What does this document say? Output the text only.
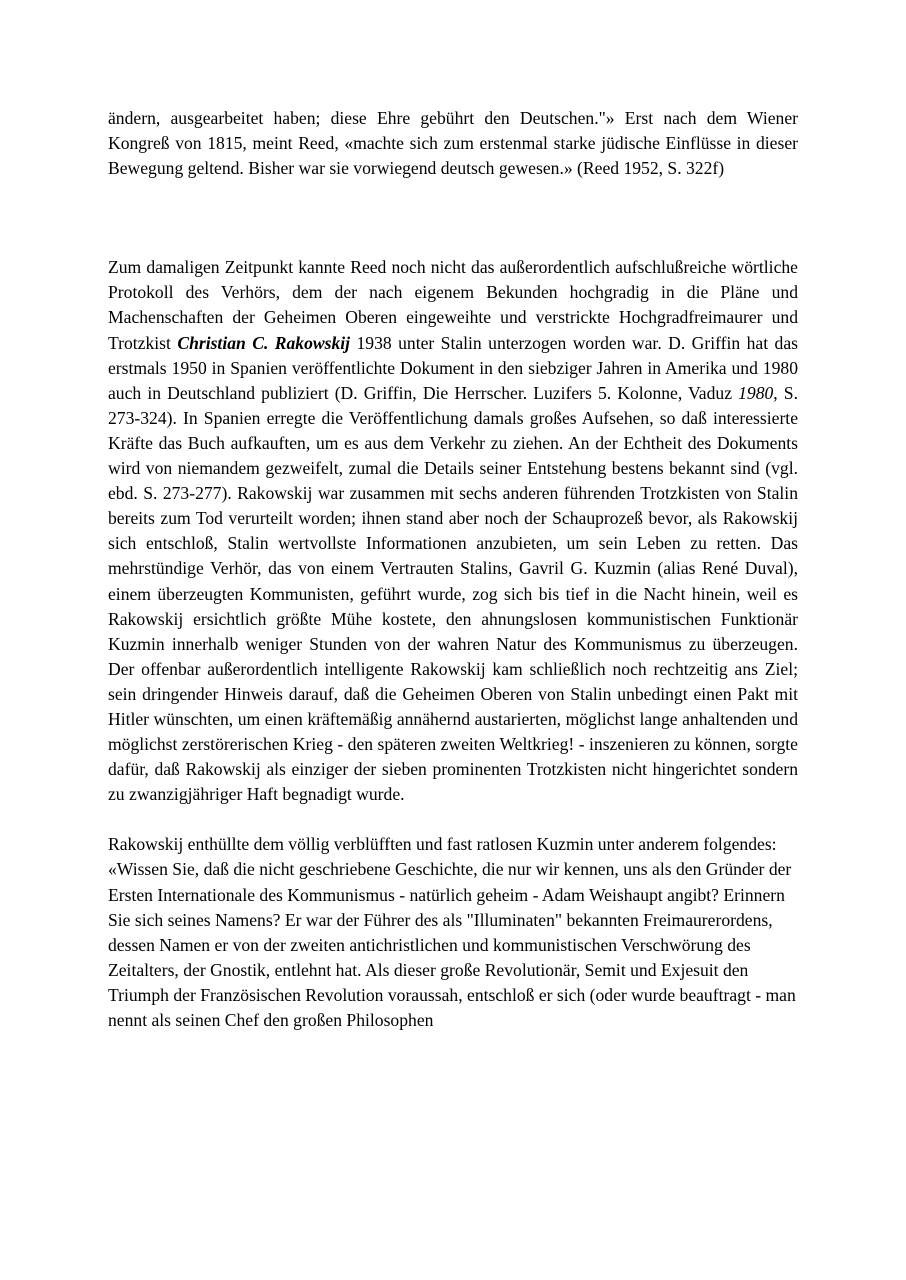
ändern, ausgearbeitet haben; diese Ehre gebührt den Deutschen."» Erst nach dem Wiener Kongreß von 1815, meint Reed, «machte sich zum erstenmal starke jüdische Einflüsse in dieser Bewegung geltend. Bisher war sie vorwiegend deutsch gewesen.» (Reed 1952, S. 322f)

Zum damaligen Zeitpunkt kannte Reed noch nicht das außerordentlich aufschlußreiche wörtliche Protokoll des Verhörs, dem der nach eigenem Bekunden hochgradig in die Pläne und Machenschaften der Geheimen Oberen eingeweihte und verstrickte Hochgradfreimaurer und Trotzkist Christian C. Rakowskij 1938 unter Stalin unterzogen worden war. D. Griffin hat das erstmals 1950 in Spanien veröffentlichte Dokument in den siebziger Jahren in Amerika und 1980 auch in Deutschland publiziert (D. Griffin, Die Herrscher. Luzifers 5. Kolonne, Vaduz 1980, S. 273-324). In Spanien erregte die Veröffentlichung damals großes Aufsehen, so daß interessierte Kräfte das Buch aufkauften, um es aus dem Verkehr zu ziehen. An der Echtheit des Dokuments wird von niemandem gezweifelt, zumal die Details seiner Entstehung bestens bekannt sind (vgl. ebd. S. 273-277). Rakowskij war zusammen mit sechs anderen führenden Trotzkisten von Stalin bereits zum Tod verurteilt worden; ihnen stand aber noch der Schauprozeß bevor, als Rakowskij sich entschloß, Stalin wertvollste Informationen anzubieten, um sein Leben zu retten. Das mehrstündige Verhör, das von einem Vertrauten Stalins, Gavril G. Kuzmin (alias René Duval), einem überzeugten Kommunisten, geführt wurde, zog sich bis tief in die Nacht hinein, weil es Rakowskij ersichtlich größte Mühe kostete, den ahnungslosen kommunistischen Funktionär Kuzmin innerhalb weniger Stunden von der wahren Natur des Kommunismus zu überzeugen. Der offenbar außerordentlich intelligente Rakowskij kam schließlich noch rechtzeitig ans Ziel; sein dringender Hinweis darauf, daß die Geheimen Oberen von Stalin unbedingt einen Pakt mit Hitler wünschten, um einen kräftemäßig annähernd austarierten, möglichst lange anhaltenden und möglichst zerstörerischen Krieg - den späteren zweiten Weltkrieg! - inszenieren zu können, sorgte dafür, daß Rakowskij als einziger der sieben prominenten Trotzkisten nicht hingerichtet sondern zu zwanzigjähriger Haft begnadigt wurde.

Rakowskij enthüllte dem völlig verblüfften und fast ratlosen Kuzmin unter anderem folgendes: «Wissen Sie, daß die nicht geschriebene Geschichte, die nur wir kennen, uns als den Gründer der Ersten Internationale des Kommunismus - natürlich geheim - Adam Weishaupt angibt? Erinnern Sie sich seines Namens? Er war der Führer des als "Illuminaten" bekannten Freimaurerordens, dessen Namen er von der zweiten antichristlichen und kommunistischen Verschwörung des Zeitalters, der Gnostik, entlehnt hat. Als dieser große Revolutionär, Semit und Exjesuit den Triumph der Französischen Revolution voraussah, entschloß er sich (oder wurde beauftragt - man nennt als seinen Chef den großen Philosophen
